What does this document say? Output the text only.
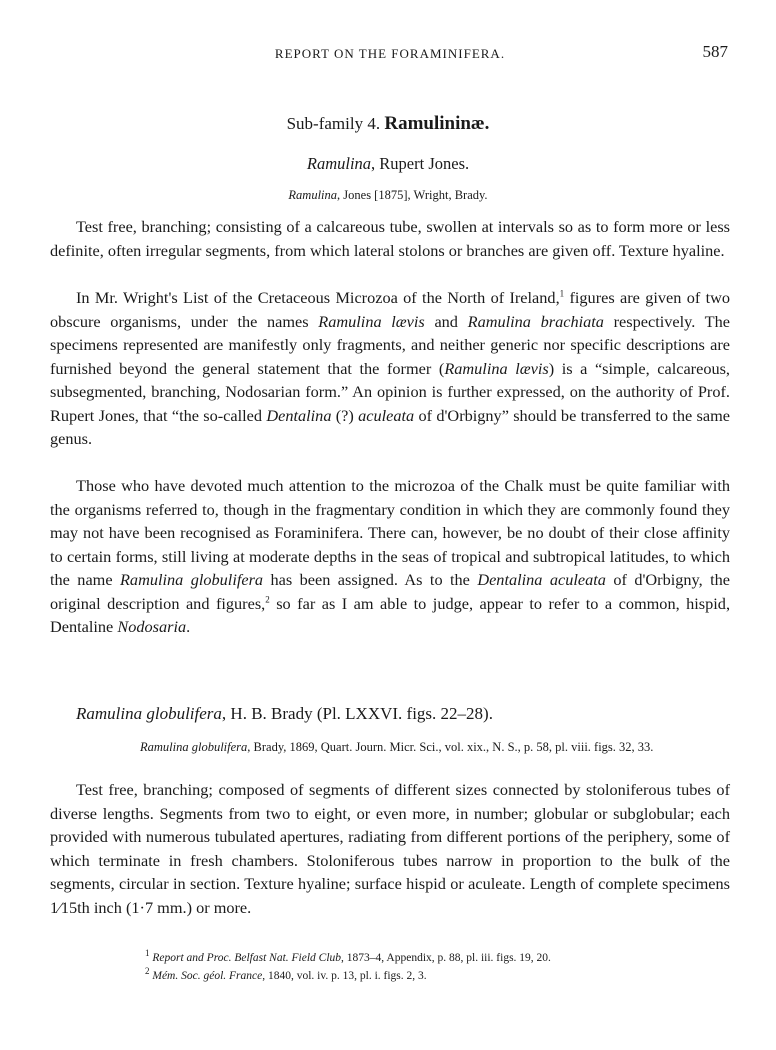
REPORT ON THE FORAMINIFERA.	587
Sub-family 4. Ramulininæ.
Ramulina, Rupert Jones.
Ramulina, Jones [1875], Wright, Brady.

Test free, branching; consisting of a calcareous tube, swollen at intervals so as to form more or less definite, often irregular segments, from which lateral stolons or branches are given off. Texture hyaline.

In Mr. Wright's List of the Cretaceous Microzoa of the North of Ireland,$^1$ figures are given of two obscure organisms, under the names Ramulina lævis and Ramulina brachiata respectively. The specimens represented are manifestly only fragments, and neither generic nor specific descriptions are furnished beyond the general statement that the former (Ramulina lævis) is a “simple, calcareous, subsegmented, branching, Nodosarian form.” An opinion is further expressed, on the authority of Prof. Rupert Jones, that “the so-called Dentalina (?) aculeata of d'Orbigny” should be transferred to the same genus.

Those who have devoted much attention to the microzoa of the Chalk must be quite familiar with the organisms referred to, though in the fragmentary condition in which they are commonly found they may not have been recognised as Foraminifera. There can, however, be no doubt of their close affinity to certain forms, still living at moderate depths in the seas of tropical and subtropical latitudes, to which the name Ramulina globulifera has been assigned. As to the Dentalina aculeata of d'Orbigny, the original description and figures,$^2$ so far as I am able to judge, appear to refer to a common, hispid, Dentaline Nodosaria.

Ramulina globulifera, H. B. Brady (Pl. LXXVI. figs. 22–28).
Ramulina globulifera, Brady, 1869, Quart. Journ. Micr. Sci., vol. xix., N. S., p. 58, pl. viii. figs. 32, 33.

Test free, branching; composed of segments of different sizes connected by stoloniferous tubes of diverse lengths. Segments from two to eight, or even more, in number; globular or subglobular; each provided with numerous tubulated apertures, radiating from different portions of the periphery, some of which terminate in fresh chambers. Stoloniferous tubes narrow in proportion to the bulk of the segments, circular in section. Texture hyaline; surface hispid or aculeate. Length of complete specimens 1⁄15th inch (1·7 mm.) or more.

$^1$ Report and Proc. Belfast Nat. Field Club, 1873–4, Appendix, p. 88, pl. iii. figs. 19, 20.
$^2$ Mém. Soc. géol. France, 1840, vol. iv. p. 13, pl. i. figs. 2, 3.
